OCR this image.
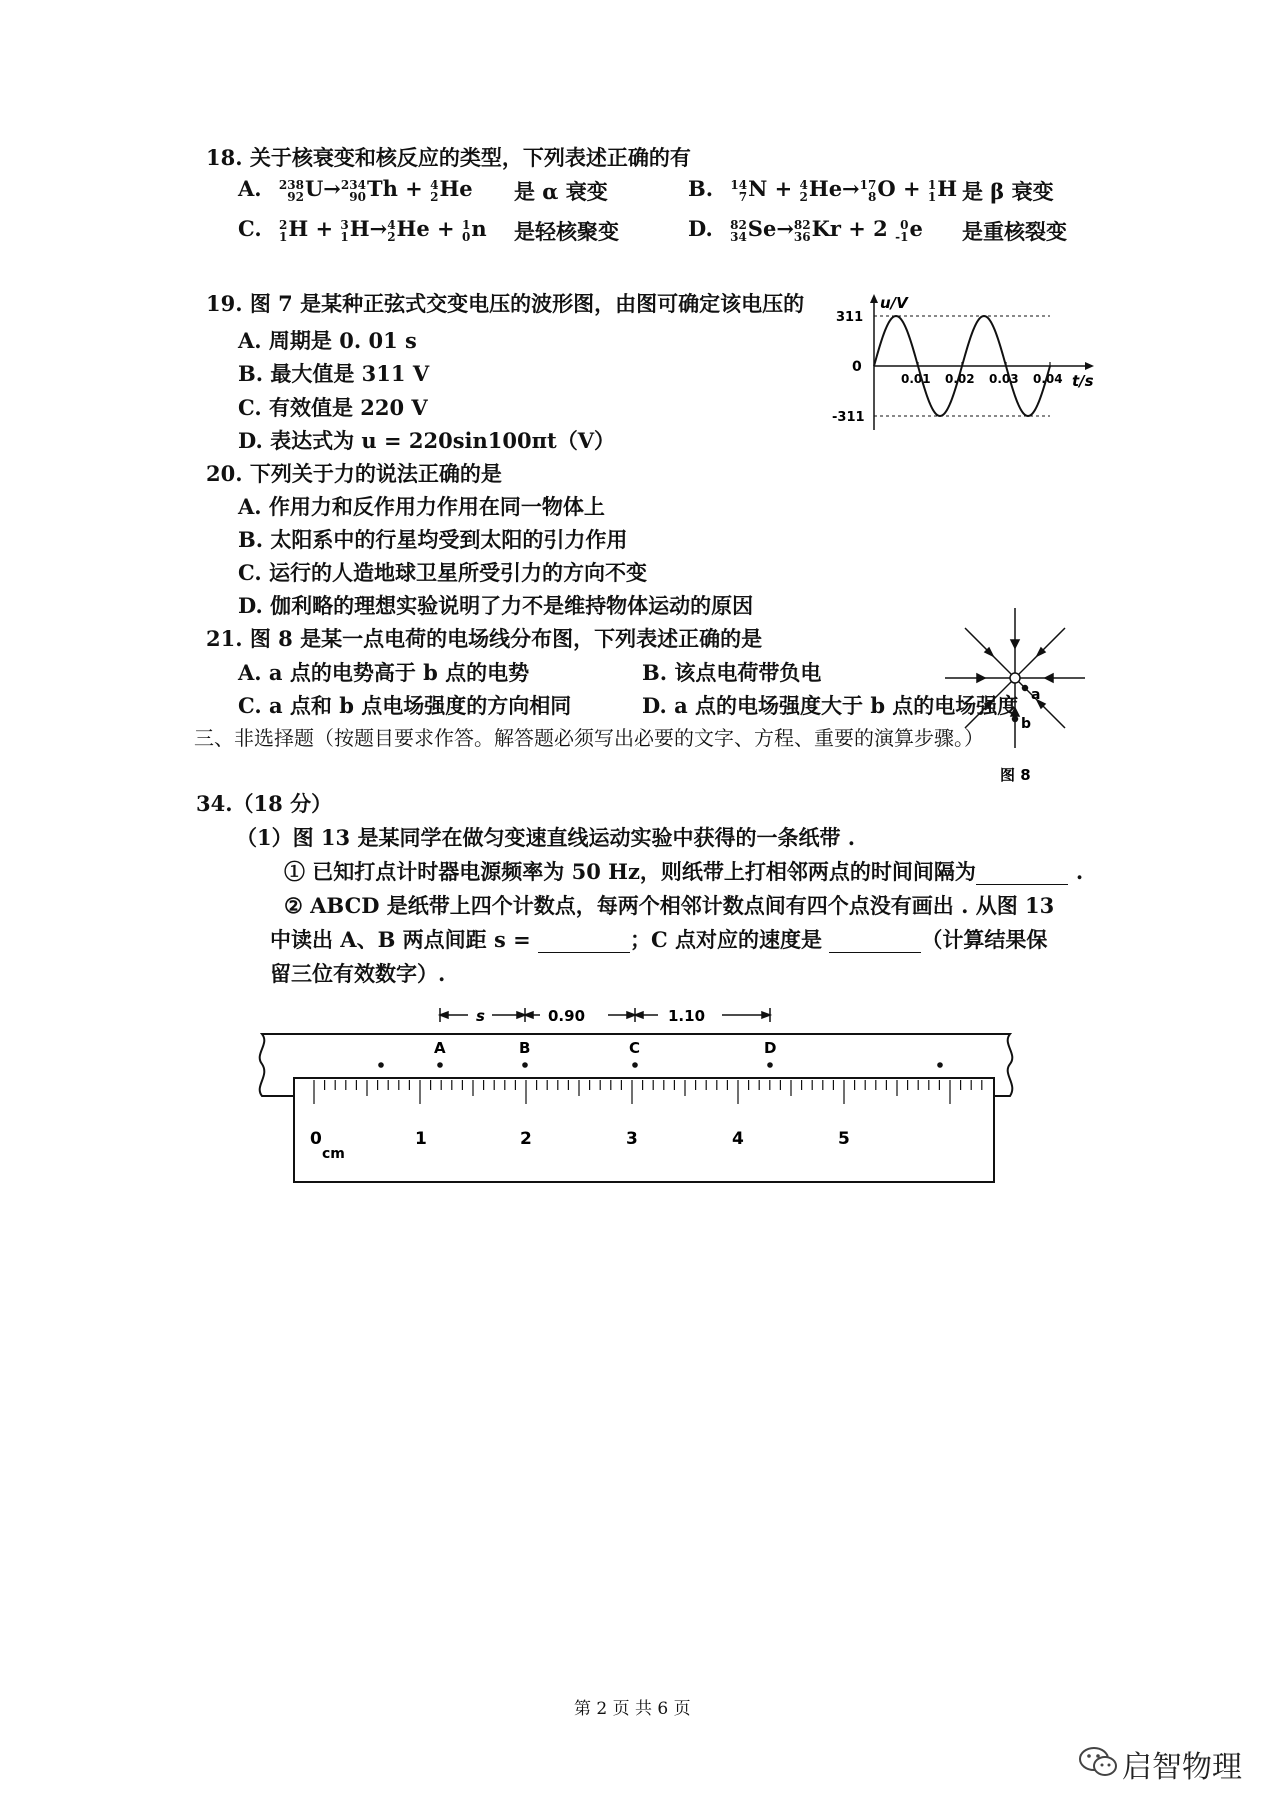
18. 关于核衰变和核反应的类型，下列表述正确的有
A. 238
92 U→ 234
90 Th + 4
2 He 是 α 衰变	B. 14
7 N + 4
2 He→ 17
8 O + 1
1 H 是 β 衰变
C. 2
1 H + 3
1 H→ 4
2 He + 1
0 n 是轻核聚变	D. 82
34 Se→ 82
36 Kr + 2 0
-1 e 是重核裂变
19. 图 7 是某种正弦式交变电压的波形图，由图可确定该电压的
A. 周期是 0. 01 s
B. 最大值是 311 V
C. 有效值是 220 V
D. 表达式为 u = 220sin100πt（V）
u/V
t/s
311
0
-311
0.01 0.02 0.03 0.04
20. 下列关于力的说法正确的是
A. 作用力和反作用力作用在同一物体上
B. 太阳系中的行星均受到太阳的引力作用
C. 运行的人造地球卫星所受引力的方向不变
D. 伽利略的理想实验说明了力不是维持物体运动的原因
a
b
图 8
21. 图 8 是某一点电荷的电场线分布图，下列表述正确的是
A. a 点的电势高于 b 点的电势	B. 该点电荷带负电
C. a 点和 b 点电场强度的方向相同	D. a 点的电场强度大于 b 点的电场强度
三、非选择题（按题目要求作答。解答题必须写出必要的文字、方程、重要的演算步骤。）
34.（18 分）
（1）图 13 是某同学在做匀变速直线运动实验中获得的一条纸带 .
① 已知打点计时器电源频率为 50 Hz，则纸带上打相邻两点的时间间隔为	.
② ABCD 是纸带上四个计数点，每两个相邻计数点间有四个点没有画出 . 从图 13
中读出 A、B 两点间距 s =	；C 点对应的速度是	（计算结果保
留三位有效数字）.
s	0.90	1.10
A	B	C	D
0
cm
1	2	3	4	5
第 2 页 共 6 页
启智物理
